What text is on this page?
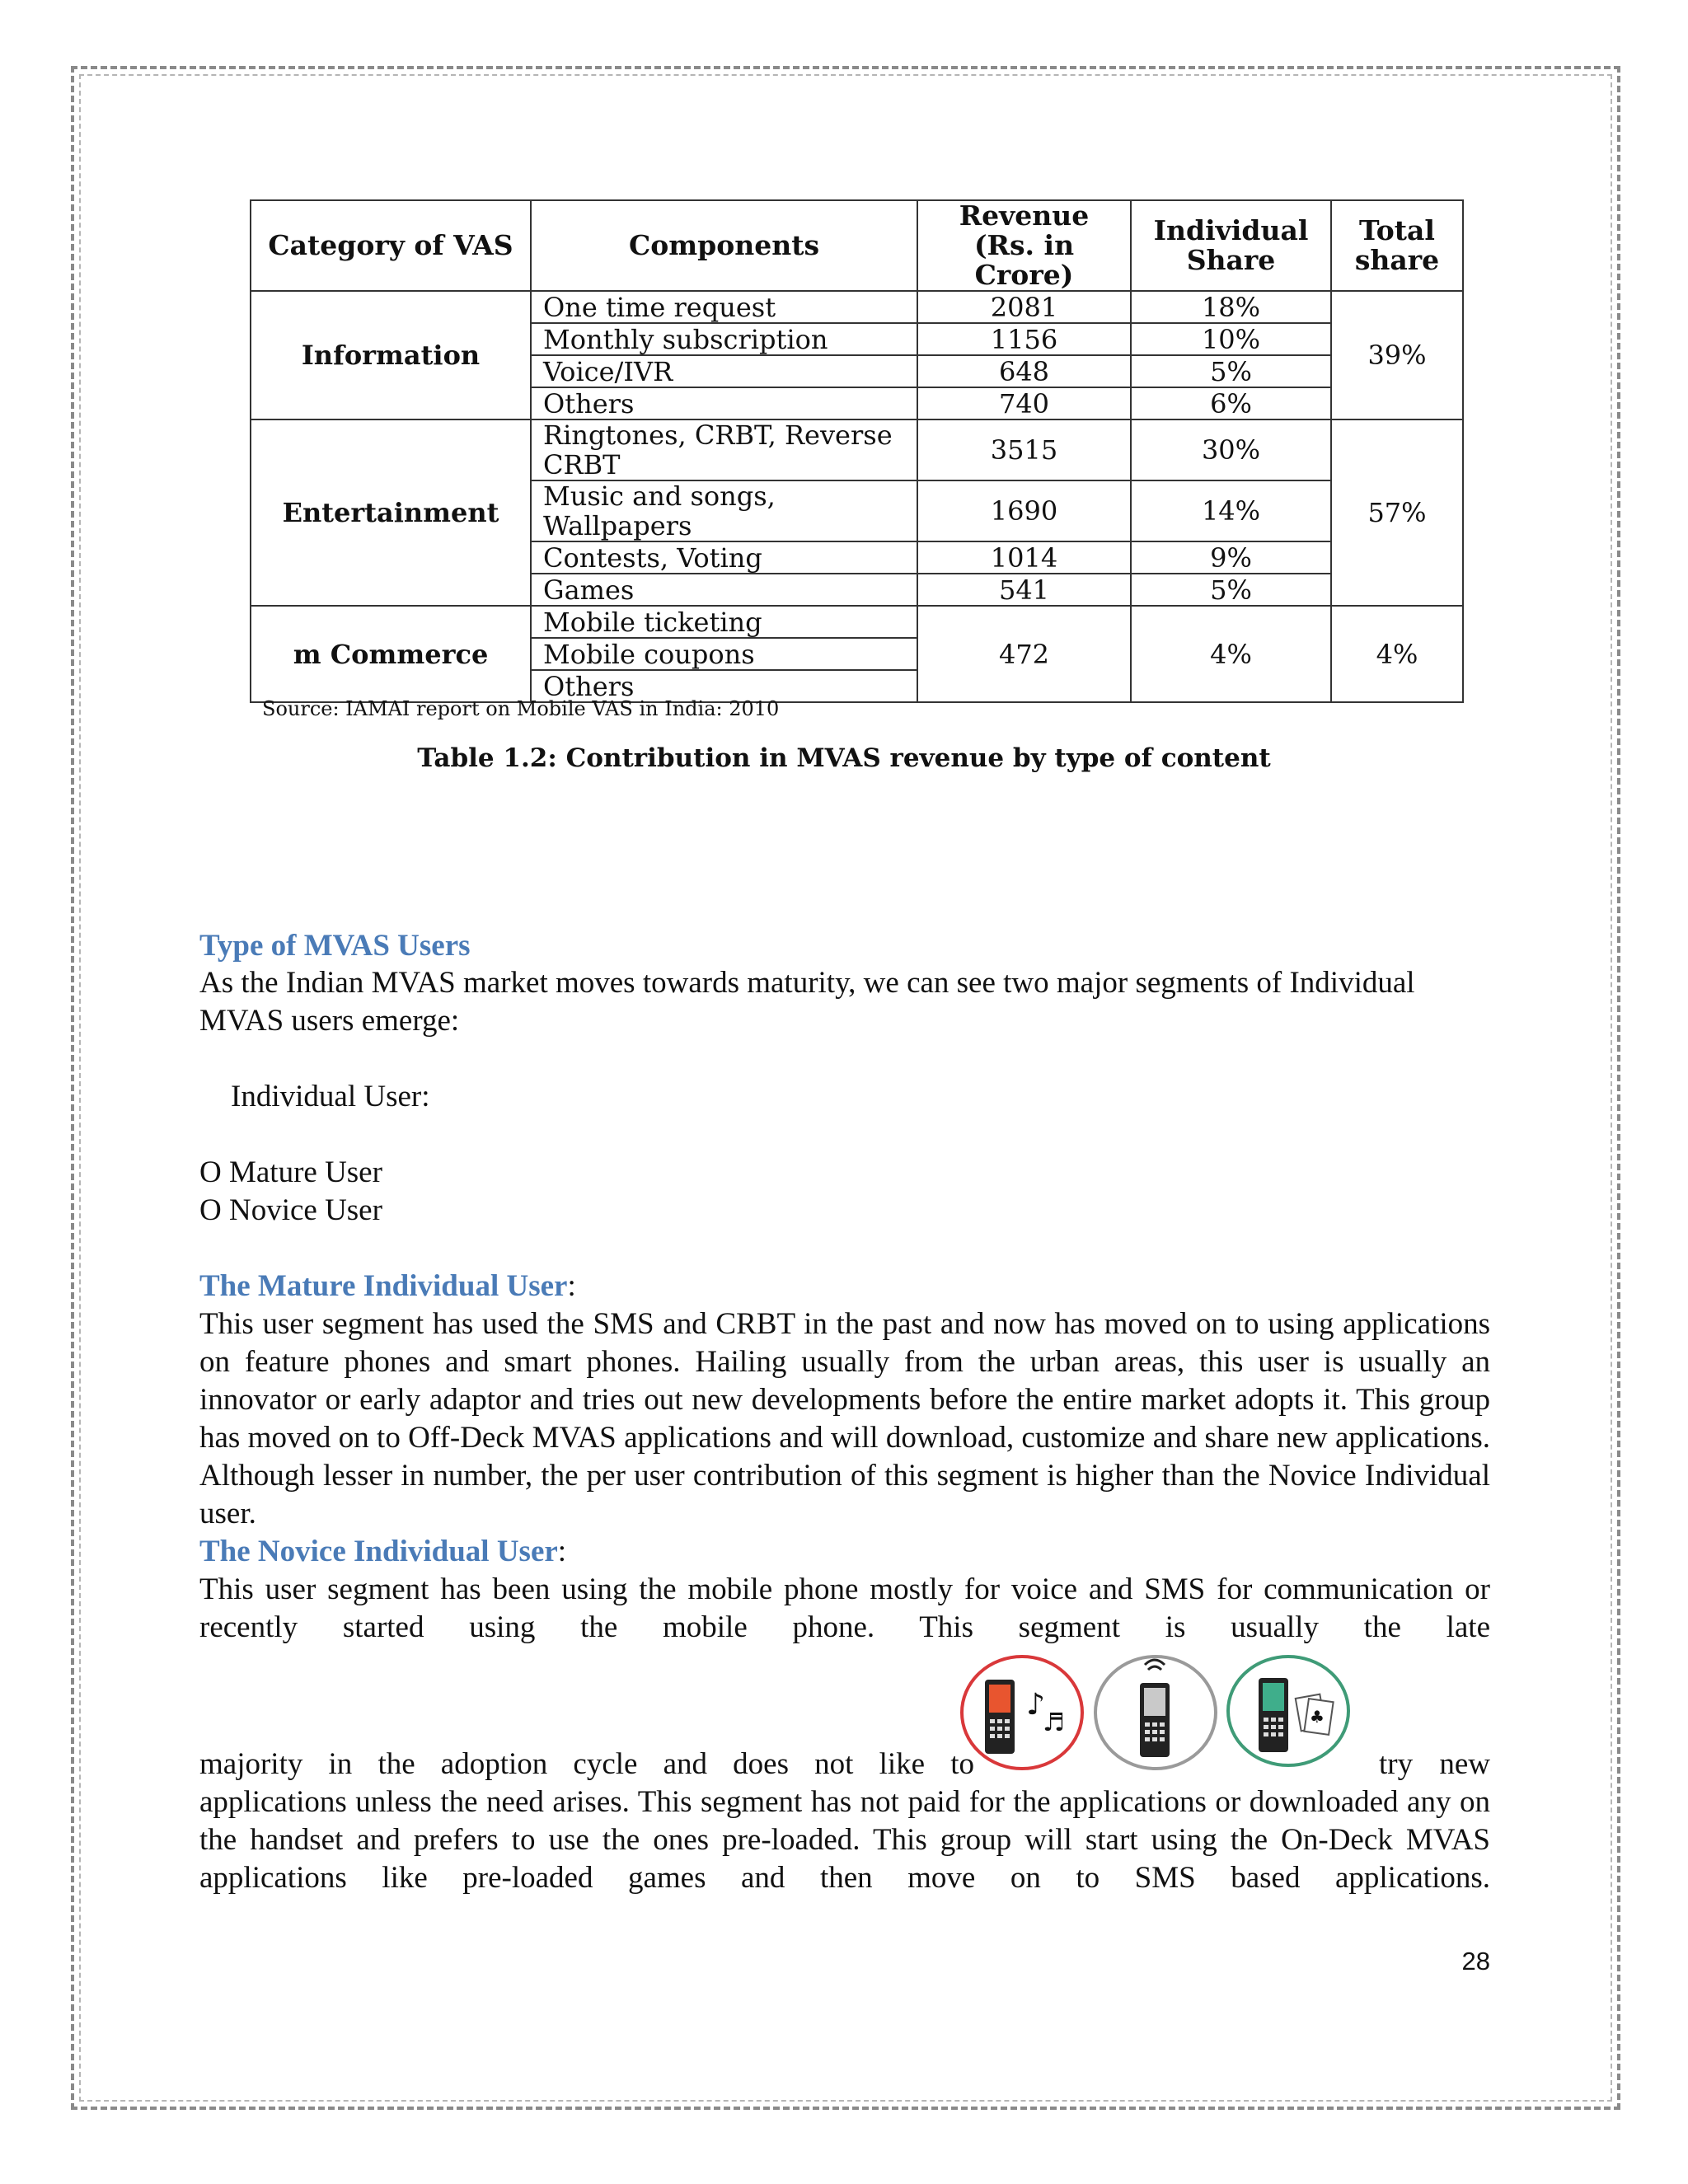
Category of VAS	Components	Revenue (Rs. in Crore)	Individual Share	Total share
Information	One time request	2081	18%	39%
	Monthly subscription	1156	10%	
	Voice/IVR	648	5%	
	Others	740	6%	
Entertainment	Ringtones, CRBT, Reverse CRBT	3515	30%	57%
	Music and songs, Wallpapers	1690	14%	
	Contests, Voting	1014	9%	
	Games	541	5%	
m Commerce	Mobile ticketing	472	4%	4%
	Mobile coupons			
	Others			
Source: IAMAI report on Mobile VAS in India: 2010
Table 1.2: Contribution in MVAS revenue by type of content
Type of MVAS Users
As the Indian MVAS market moves towards maturity, we can see two major segments of Individual MVAS users emerge:
Individual User:
O Mature User
O Novice User
The Mature Individual User:
This user segment has used the SMS and CRBT in the past and now has moved on to using applications on feature phones and smart phones. Hailing usually from the urban areas, this user is usually an innovator or early adaptor and tries out new developments before the entire market adopts it. This group has moved on to Off-Deck MVAS applications and will download, customize and share new applications. Although lesser in number, the per user contribution of this segment is higher than the Novice Individual user.
The Novice Individual User:
This user segment has been using the mobile phone mostly for voice and SMS for communication or recently started using the mobile phone. This segment is usually the late
majority in the adoption cycle and does not like to	try new
applications unless the need arises. This segment has not paid for the applications or downloaded any on the handset and prefers to use the ones pre-loaded. This group will start using the On-Deck MVAS applications like pre-loaded games and then move on to SMS based applications.
♪
♬	♣
28
